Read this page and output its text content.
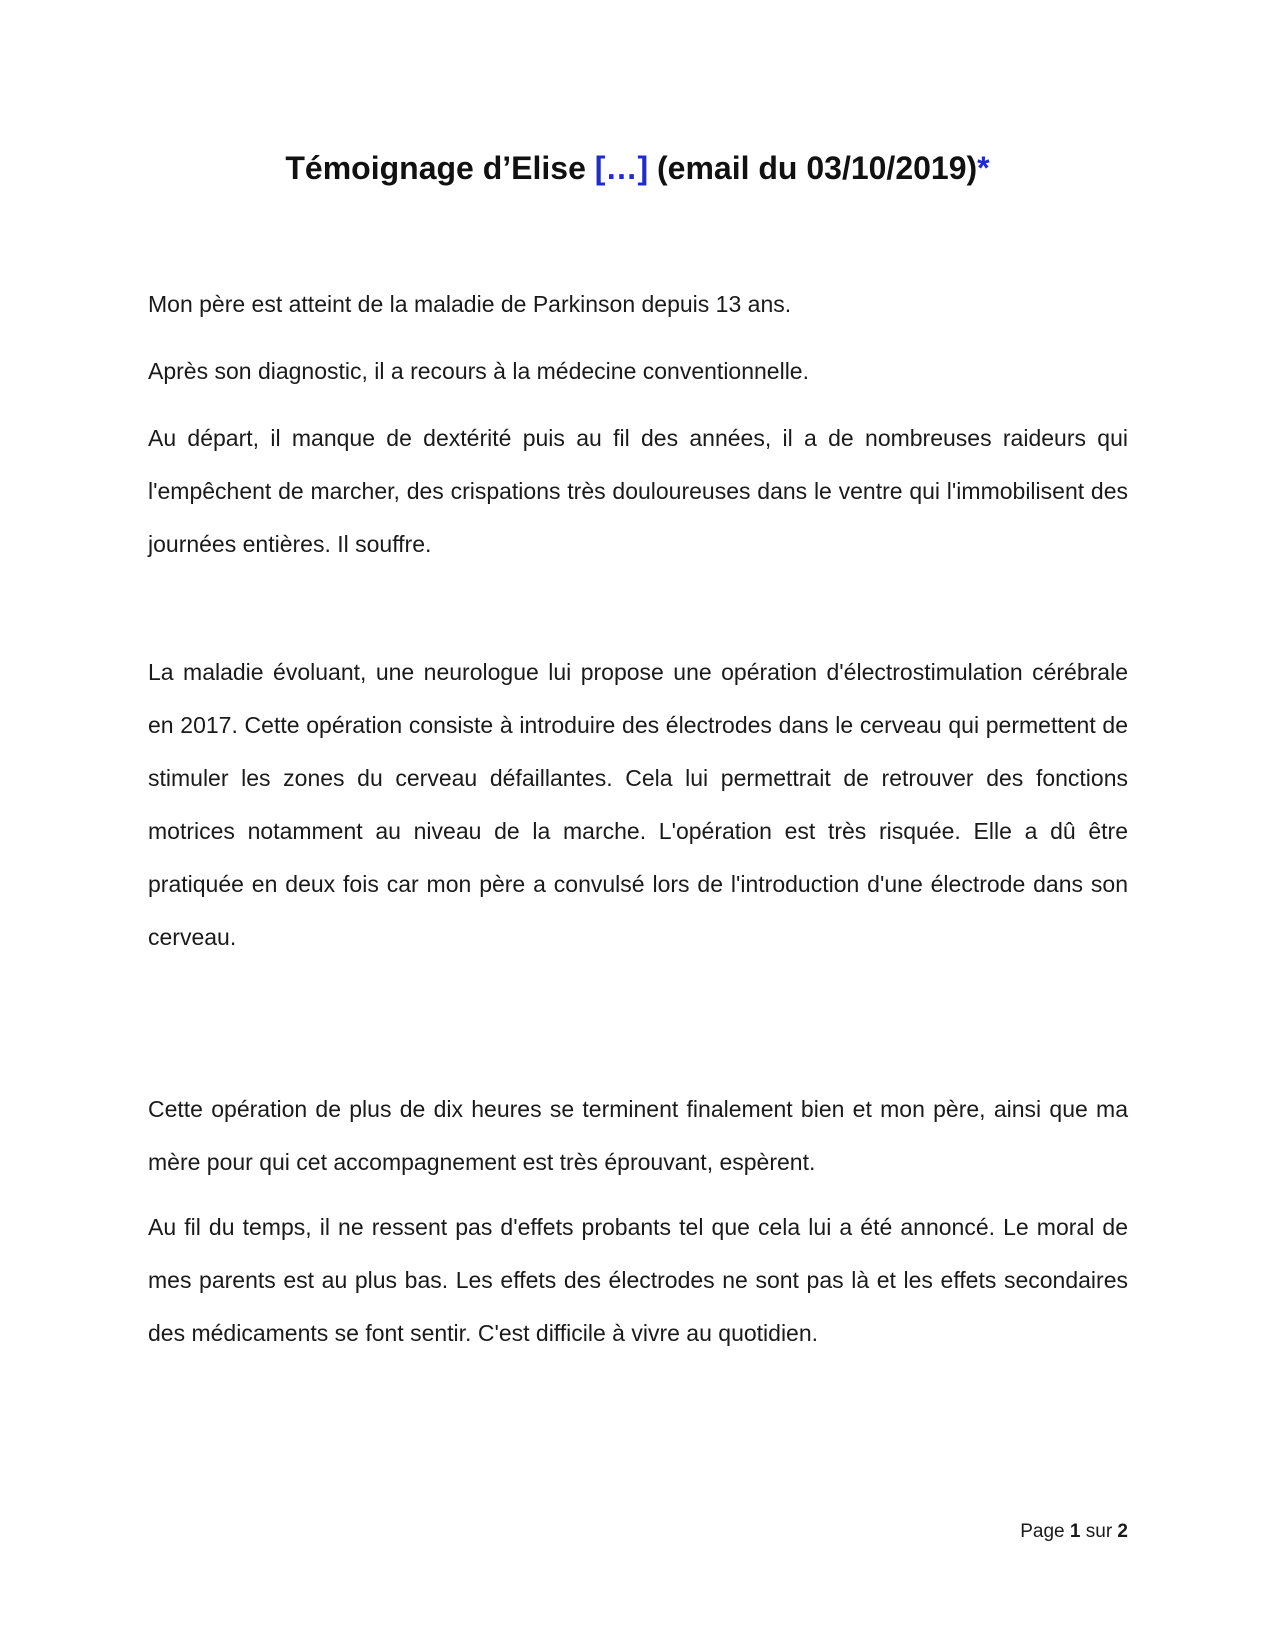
Témoignage d’Elise […] (email du 03/10/2019)*

Mon père est atteint de la maladie de Parkinson depuis 13 ans.

Après son diagnostic, il a recours à la médecine conventionnelle.

Au départ, il manque de dextérité puis au fil des années, il a de nombreuses raideurs qui l'empêchent de marcher, des crispations très douloureuses dans le ventre qui l'immobilisent des journées entières. Il souffre.

La maladie évoluant, une neurologue lui propose une opération d'électrostimulation cérébrale en 2017. Cette opération consiste à introduire des électrodes dans le cerveau qui permettent de stimuler les zones du cerveau défaillantes. Cela lui permettrait de retrouver des fonctions motrices notamment au niveau de la marche. L'opération est très risquée. Elle a dû être pratiquée en deux fois car mon père a convulsé lors de l'introduction d'une électrode dans son cerveau.

Cette opération de plus de dix heures se terminent finalement bien et mon père, ainsi que ma mère pour qui cet accompagnement est très éprouvant, espèrent.

Au fil du temps, il ne ressent pas d'effets probants tel que cela lui a été annoncé. Le moral de mes parents est au plus bas. Les effets des électrodes ne sont pas là et les effets secondaires des médicaments se font sentir. C'est difficile à vivre au quotidien.

Page 1 sur 2
